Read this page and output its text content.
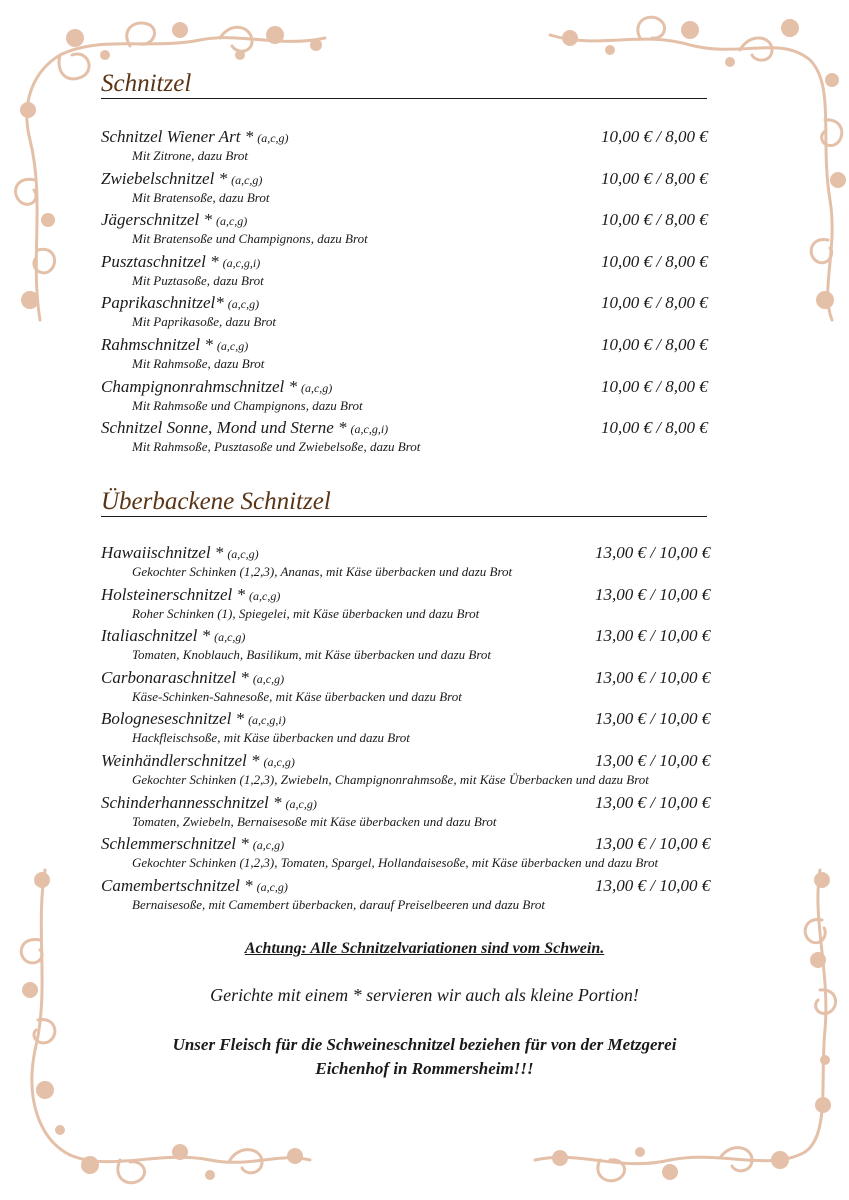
Schnitzel
Schnitzel Wiener Art * (a,c,g)	10,00 € / 8,00 €
Mit Zitrone, dazu Brot
Zwiebelschnitzel * (a,c,g)	10,00 € / 8,00 €
Mit Bratensoße, dazu Brot
Jägerschnitzel * (a,c,g)	10,00 € / 8,00 €
Mit Bratensoße und Champignons, dazu Brot
Pusztaschnitzel * (a,c,g,i)	10,00 € / 8,00 €
Mit Puztasoße, dazu Brot
Paprikaschnitzel* (a,c,g)	10,00 € / 8,00 €
Mit Paprikasoße, dazu Brot
Rahmschnitzel * (a,c,g)	10,00 € / 8,00 €
Mit Rahmsoße, dazu Brot
Champignonrahmschnitzel * (a,c,g)	10,00 € / 8,00 €
Mit Rahmsoße und Champignons, dazu Brot
Schnitzel Sonne, Mond und Sterne * (a,c,g,i)	10,00 € / 8,00 €
Mit Rahmsoße, Pusztasoße und Zwiebelsoße, dazu Brot
Überbackene Schnitzel
Hawaiischnitzel * (a,c,g)	13,00 € / 10,00 €
Gekochter Schinken (1,2,3), Ananas, mit Käse überbacken und dazu Brot
Holsteinerschnitzel * (a,c,g)	13,00 € / 10,00 €
Roher Schinken (1), Spiegelei, mit Käse überbacken und dazu Brot
Italiaschnitzel * (a,c,g)	13,00 € / 10,00 €
Tomaten, Knoblauch, Basilikum, mit Käse überbacken und dazu Brot
Carbonaraschnitzel * (a,c,g)	13,00 € / 10,00 €
Käse-Schinken-Sahnesoße, mit Käse überbacken und dazu Brot
Bologneseschnitzel * (a,c,g,i)	13,00 € / 10,00 €
Hackfleischsoße, mit Käse überbacken und dazu Brot
Weinhändlerschnitzel * (a,c,g)	13,00 € / 10,00 €
Gekochter Schinken (1,2,3), Zwiebeln, Champignonrahmsoße, mit Käse Überbacken und dazu Brot
Schinderhannesschnitzel * (a,c,g)	13,00 € / 10,00 €
Tomaten, Zwiebeln, Bernaisesoße mit Käse überbacken und dazu Brot
Schlemmerschnitzel * (a,c,g)	13,00 € / 10,00 €
Gekochter Schinken (1,2,3), Tomaten, Spargel, Hollandaisesoße, mit Käse überbacken und dazu Brot
Camembertschnitzel * (a,c,g)	13,00 € / 10,00 €
Bernaisesoße, mit Camembert überbacken, darauf Preiselbeeren und dazu Brot
Achtung: Alle Schnitzelvariationen sind vom Schwein.
Gerichte mit einem * servieren wir auch als kleine Portion!
Unser Fleisch für die Schweineschnitzel beziehen für von der Metzgerei
Eichenhof in Rommersheim!!!
